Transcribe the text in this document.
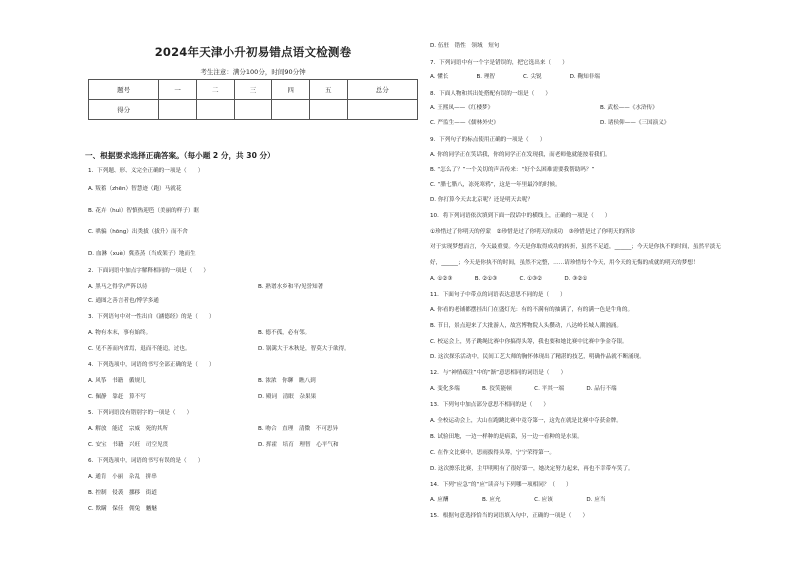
2024年天津小升初易错点语文检测卷
考生注意：满分100分，时间90分钟
题号	一	二	三	四	五	总分
得分						
一、根据要求选择正确答案。（每小题 2 分，共 30 分）
1．下列题、形、义完全正确的一项是（　　）
A. 叛蓄（zhēn）智慧迹（跑）马就花
B. 花卉（huì）智慎热迎笆（美丽的样子）眶
C. 哄骗（hōng）出类拔（拔升）而不舍
D. 血淋（xuè）冀蒸蒸（当成架子）地而生
2．下面词语中加点字解释相同的一项是（　　）
A. 黑马之得学/严阵以待	B. 熟谱水乡和平/见誉知著
C. 通图之善言者也/博学多通
3．下列语句中对一性出自《涵德经》的是（　　）
A. 物有本末，事有始终。	B. 德不孤，必有邻。
C. 见不善而内省焉，退而不能追，过也。	D. 锅篱大于木秋是，智莫大于欲得。
4．下列选项中，词语的书写全部正确的是（　　）
A. 风筝　书籍　循规儿	B. 浓浓　你聊　瞧八到
C. 佩静　靠赶　算不写	D. 殿词　清眠　杂果果
5．下列词语没有错别字的一项是（　　）
A. 解放　能近　宗威　死的其所	B. 吻合　直理　清微　不可思异
C. 安宝　书籍　兴旺　司空见贯	D. 挥霍　培育　理智　心平气和
6．下列选项中，词语的书写有误的是（　　）
A. 通肯　小丽　杂乱　拼串
B. 控制　侵袭　挪移　街道
C. 欺瞒　保佳　佣兔　魑魅
D. 伍驻　错性　领域　短句
7．下列词语中有一个字是错误的，把它选出来（　　）
A. 懂长　　　　　B. 理智　　　　　C. 尖锐　　　　　D. 鞠知非端
8．下面人物和其出处搭配有误的一组是（　　）
A. 王熙凤——《红楼梦》	B. 武松——《水浒传》
C. 严监生——《儒林外史》	D. 诸侯仰——《三国演义》
9．下列句子的标点使用正确的一项是（　　）
A. 你的同学正在笑话我，你的同学正在发现我，而老师他就能按着我们。
B. “怎么了？”一个关切的声音传来：“好个么困难需要我帮助吗？”
C. “腊七腊八，冻死寒鸦”，这是一年里最冷的时候。
D. 你打算今天去北京呢？还是明天去呢？
10．将下列词语依次填到下面一段话中的横线上，正确的一项是（　　）
①珍惜过了你明天的停蒙　②珍惜是过了你明天的成功　③珍惜是过了你明天的所诊
对于实现梦想而言，今天最重要。今天是你取得成功的转折，虽然不足道，______；今天是你执不的时间，虽然平淡无
好，______；今天是你执不的时间，虽然不完整，……请珍惜每个今天，用今天的无悔的成就的明天的梦想！
A. ①②③　　　　B. ②①③　　　　C. ①③②　　　　D. ③②①
11．下面句子中带点的词语表达意思不同的是（　　）
A. 你看的老铺都摆挂出门在盛灯光：有的不满有的抽满了，有的满一色是牛角的。
B. 节日，景点迎来了大批游人，故宫博物院人头攒动，八达岭长城人潮汹涌。
C. 校运会上，男子跳绳比赛中你搞得头筹，我也要和她比赛中比赛中争金夺银。
D. 这次探乐活动中，民间工艺大师的胸怀体现出了精湛的技艺，明确作品就不断涌现。
12．与“神情疏注”中的“渐”意思相同的词语是（　　）
A. 变化多端　　　　B. 狡笑能顿　　　　C. 平其一端　　　　D. 品行不端
13．下列句中加点部分意思不相同的是（　　）
A. 全校运动会上，大山在跑跳比赛中竟夺第一，这先在就是比赛中夺获金牌。
B. 试验田地，一边一样种的是病菜，另一边一看种的是水果。
C. 在作文比赛中，思雨拔得头筹，宁宁荣得第一。
D. 这次擦乐比赛，主甲明明有了很好第一，她决定努力起来，再也不幸带车笑了。
14．下列“应急”的“应”读音与下列哪一项相同？（　　）
A. 应酬　　　　　　B. 应允　　　　　　C. 应该　　　　　　D. 应当
15．根据句意选择恰当的词语填入句中，正确的一项是（　　）
